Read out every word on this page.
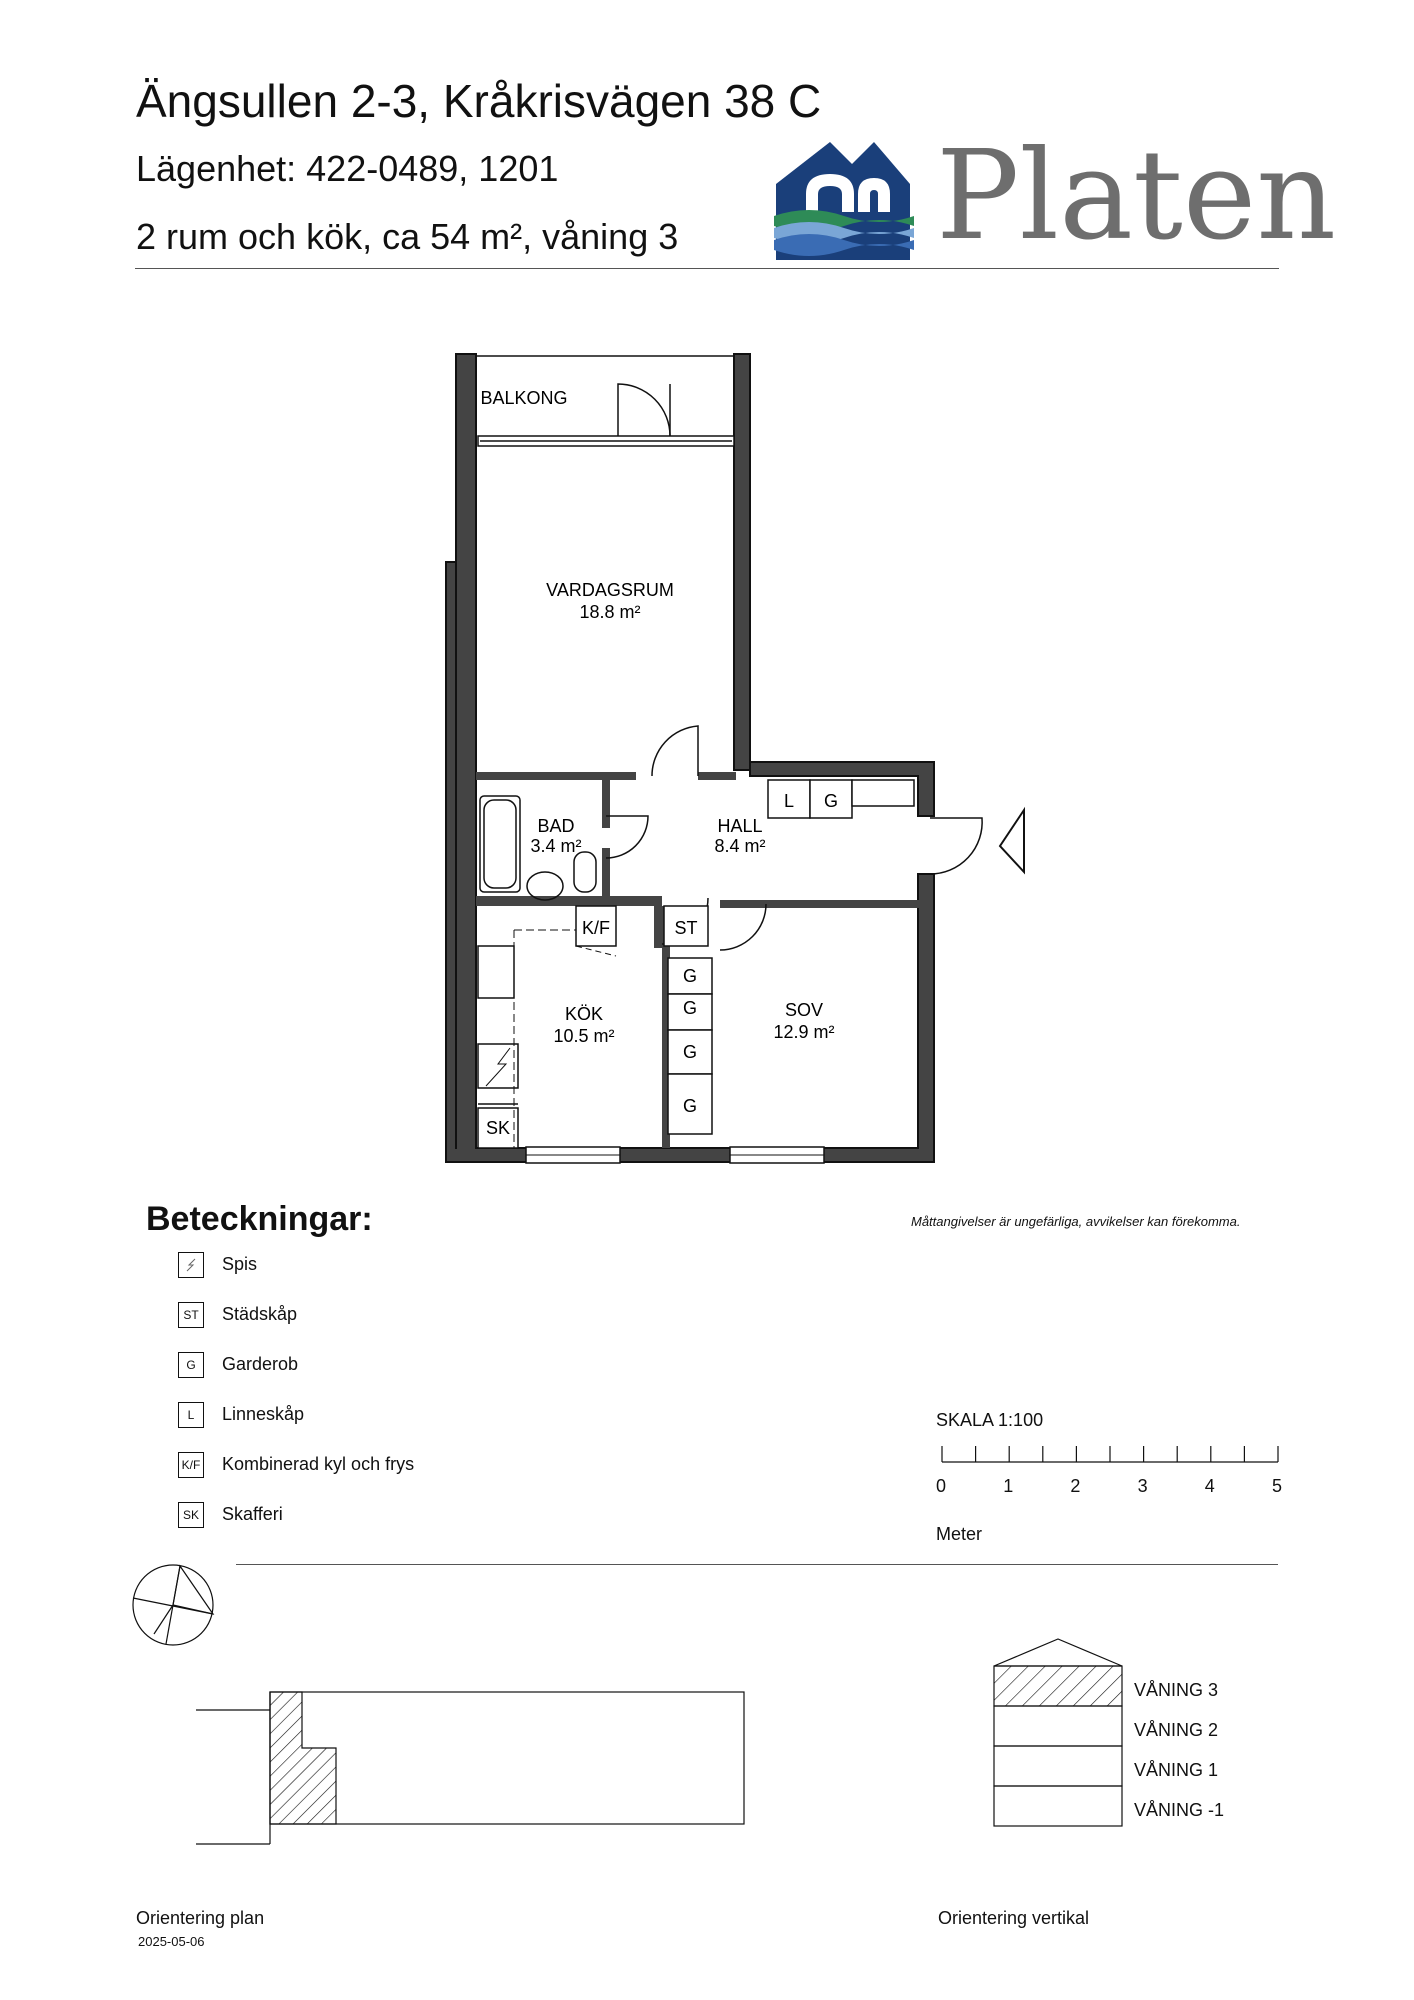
Ängsullen 2-3, Kråkrisvägen 38 C
Lägenhet: 422-0489, 1201
2 rum och kök, ca 54 m², våning 3 Platen
L G
ST
K/F
G
G
G
G
SK
BALKONG
VARDAGSRUM
18.8 m²
BAD
3.4 m²
HALL
8.4 m²
KÖK
10.5 m²
SOV
12.9 m²
Beteckningar:	Måttangivelser är ungefärliga, avvikelser kan förekomma.
Spis
ST Städskåp
G	Garderob
L	Linneskåp
K/F Kombinerad kyl och frys
SK Skafferi
SKALA 1:100
0	1	2	3	4	5
Meter
VÅNING 3
VÅNING 2
VÅNING 1
VÅNING -1
Orientering plan
2025-05-06
Orientering vertikal
